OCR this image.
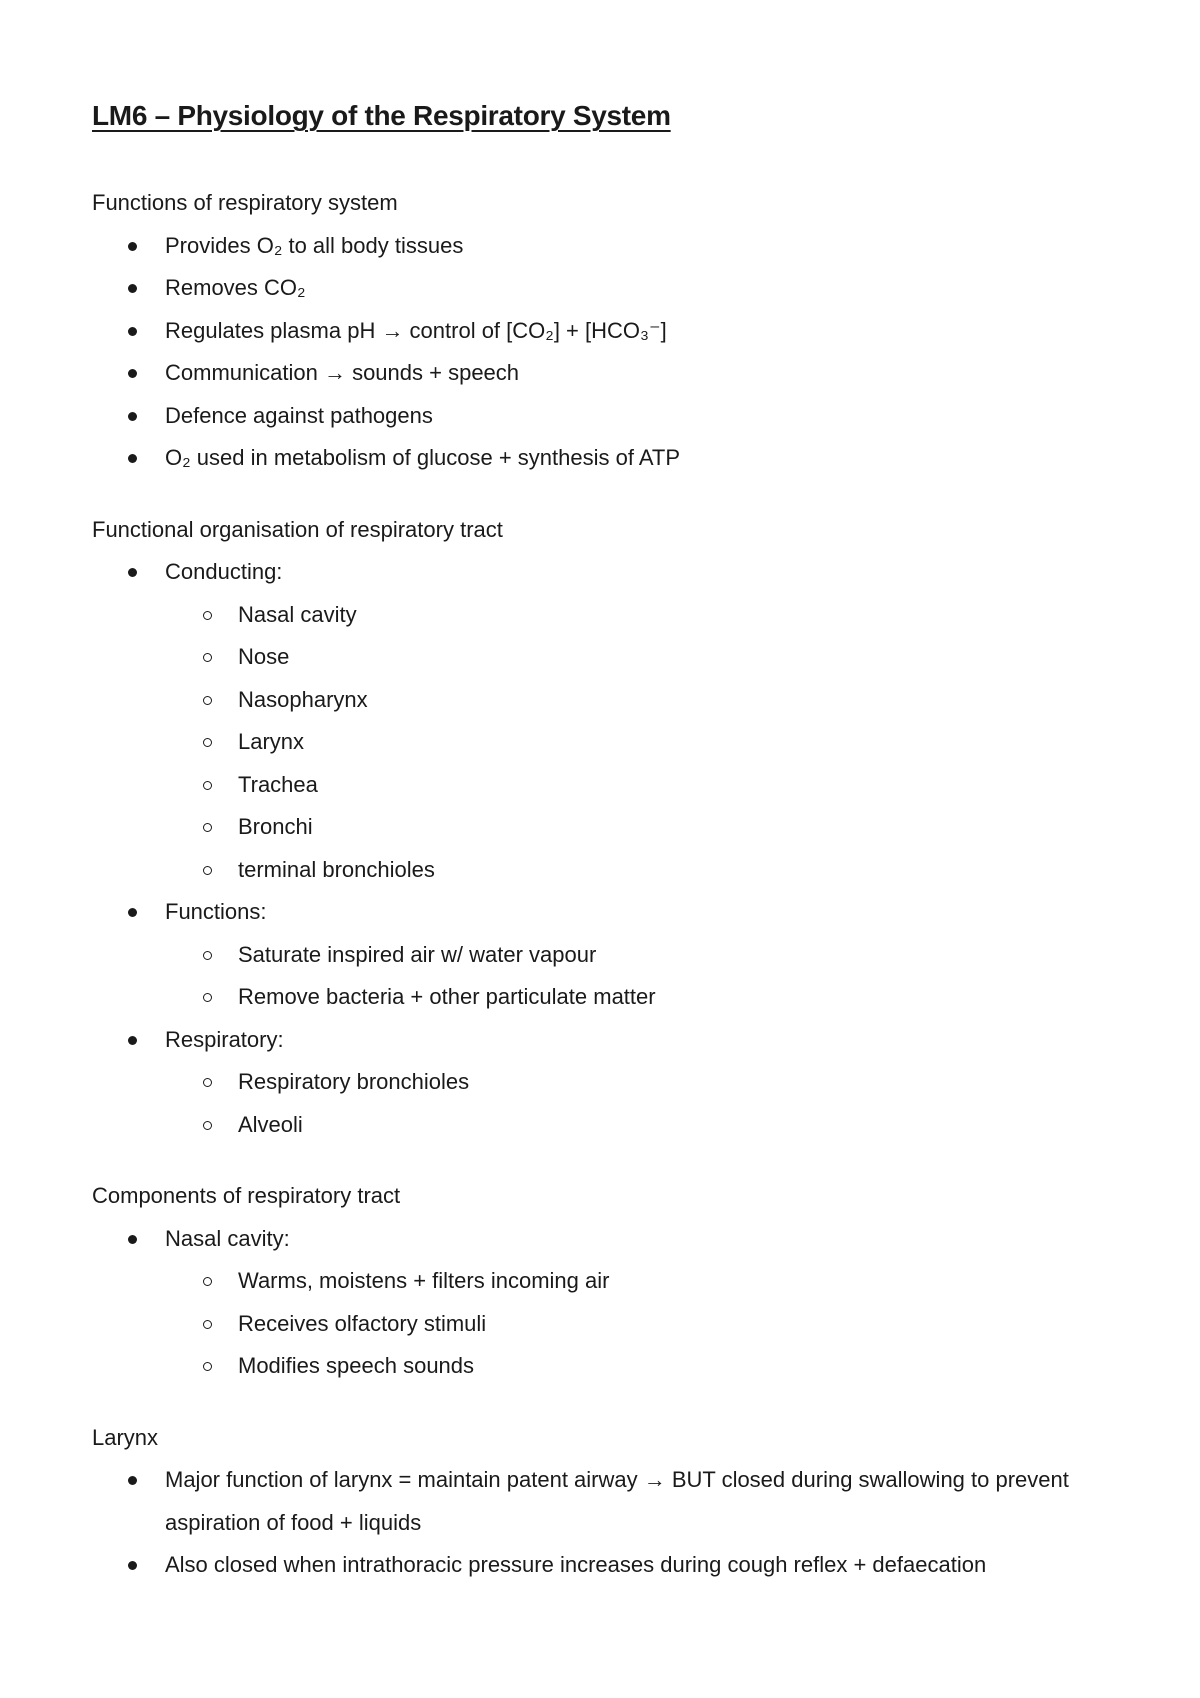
LM6 – Physiology of the Respiratory System

Functions of respiratory system

Provides O₂ to all body tissues
Removes CO₂
Regulates plasma pH → control of [CO₂] + [HCO₃⁻]
Communication → sounds + speech
Defence against pathogens
O₂ used in metabolism of glucose + synthesis of ATP

Functional organisation of respiratory tract

Conducting:
Nasal cavity
Nose
Nasopharynx
Larynx
Trachea
Bronchi
terminal bronchioles
Functions:
Saturate inspired air w/ water vapour
Remove bacteria + other particulate matter
Respiratory:
Respiratory bronchioles
Alveoli

Components of respiratory tract

Nasal cavity:
Warms, moistens + filters incoming air
Receives olfactory stimuli
Modifies speech sounds

Larynx

Major function of larynx = maintain patent airway → BUT closed during swallowing to prevent aspiration of food + liquids
Also closed when intrathoracic pressure increases during cough reflex + defaecation
